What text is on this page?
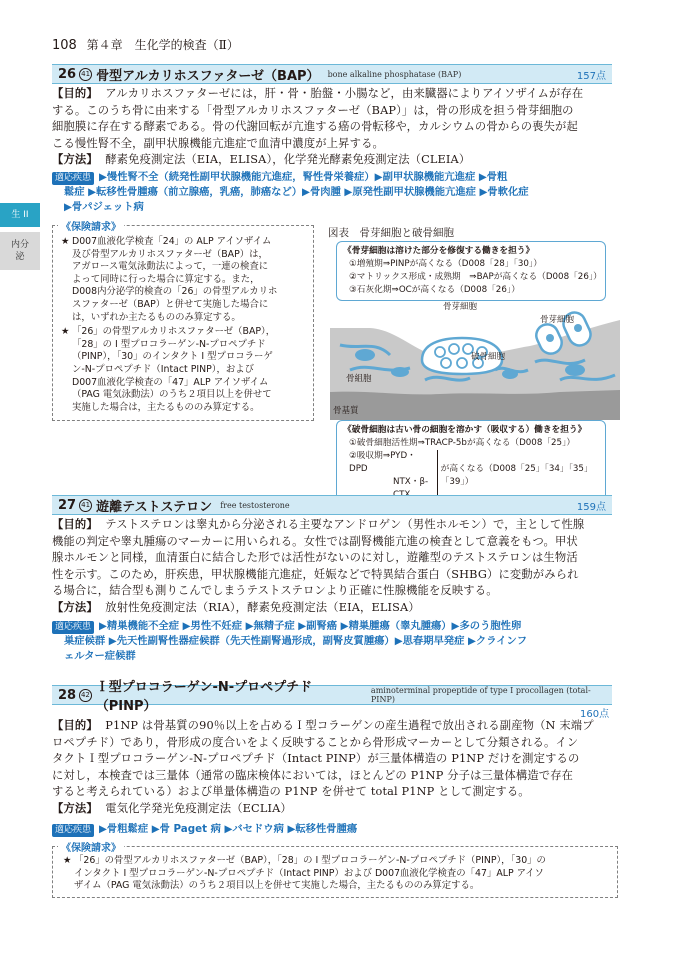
108 第４章　生化学的検査（Ⅱ）
生 II
内分
泌
26 41 骨型アルカリホスファターゼ（BAP） bone alkaline phosphatase (BAP)	157点
【目的】 アルカリホスファターゼには，肝・骨・胎盤・小腸など，由来臓器によりアイソザイムが存在
する。このうち骨に由来する「骨型アルカリホスファターゼ（BAP）」は，骨の形成を担う骨芽細胞の
細胞膜に存在する酵素である。骨の代謝回転が亢進する癌の骨転移や，カルシウムの骨からの喪失が起
こる慢性腎不全，副甲状腺機能亢進症で血清中濃度が上昇する。
【方法】 酵素免疫測定法（EIA，ELISA），化学発光酵素免疫測定法（CLEIA）
適応疾患 ▶慢性腎不全（続発性副甲状腺機能亢進症，腎性骨栄養症）▶副甲状腺機能亢進症 ▶骨粗
鬆症 ▶転移性骨腫瘍（前立腺癌，乳癌，肺癌など）▶骨肉腫 ▶原発性副甲状腺機能亢進症 ▶骨軟化症
▶骨パジェット病
★ D007血液化学検査「24」の ALP アイソザイム
及び骨型アルカリホスファターゼ（BAP）は，
アガロース電気泳動法によって，一連の検査に
よって同時に行った場合に算定する。また，
D008内分泌学的検査の「26」の骨型アルカリホ
スファターゼ（BAP）と併せて実施した場合に
は，いずれか主たるもののみ算定する。
★ 「26」の骨型アルカリホスファターゼ（BAP），
「28」の I 型プロコラーゲン-N-プロペプチド
（PINP），「30」のインタクト I 型プロコラーゲ
ン-N-プロペプチド（Intact PINP），および
D007血液化学検査の「47」ALP アイソザイム
（PAG 電気泳動法）のうち２項目以上を併せて
実施した場合は，主たるもののみ算定する。
《保険請求》	図表　骨芽細胞と破骨細胞
骨芽細胞
破骨細胞
骨芽細胞
骨組胞
骨基質
《骨芽細胞は溶けた部分を修復する働きを担う》
①増殖期⇒PINPが高くなる（D008「28」「30」）
②マトリックス形成・成熟期　⇒BAPが高くなる（D008「26」）
③石灰化期⇒OCが高くなる（D008「26」）
《破骨細胞は古い骨の細胞を溶かす（吸収する）働きを担う》
①破骨細胞活性期⇒TRACP-5bが高くなる（D008「25」）
②吸収期⇒PYD・DPD
NTX・β-
が高くなる（D008「25」「34」「35」「39」）
27 41 遊離テストステロン free testosterone	159点
【目的】 テストステロンは睾丸から分泌される主要なアンドロゲン（男性ホルモン）で，主として性腺
機能の判定や睾丸腫瘍のマーカーに用いられる。女性では副腎機能亢進の検査として意義をもつ。甲状
腺ホルモンと同様，血清蛋白に結合した形では活性がないのに対し，遊離型のテストステロンは生物活
性を示す。このため，肝疾患，甲状腺機能亢進症，妊娠などで特異結合蛋白（SHBG）に変動がみられ
る場合に，結合型も測りこんでしまうテストステロンより正確に性腺機能を反映する。
【方法】 放射性免疫測定法（RIA），酵素免疫測定法（EIA，ELISA）
適応疾患 ▶精巣機能不全症 ▶男性不妊症 ▶無精子症 ▶副腎癌 ▶精巣腫瘍（睾丸腫瘍）▶多のう胞性卵
巣症候群 ▶先天性副腎性器症候群（先天性副腎過形成，副腎皮質腫瘍）▶思春期早発症 ▶クラインフ
ェルター症候群
28 42 Ｉ型プロコラーゲン-N-プロペプチド（PINP）
aminoterminal propeptide of type I procollagen (total-PINP)
160点
【目的】 P1NP は骨基質の90％以上を占めるＩ型コラーゲンの産生過程で放出される副産物（N 末端プ
ロペプチド）であり，骨形成の度合いをよく反映することから骨形成マーカーとして分類される。イン
タクトＩ型プロコラーゲン-N-プロペプチド（Intact PINP）が三量体構造の P1NP だけを測定するの
に対し，本検査では三量体（通常の臨床検体においては，ほとんどの P1NP 分子は三量体構造で存在
すると考えられている）および単量体構造の P1NP を併せて total P1NP として測定する。
【方法】 電気化学発光免疫測定法（ECLIA）
適応疾患 ▶骨粗鬆症 ▶骨 Paget 病 ▶バセドウ病 ▶転移性骨腫瘍
★ 「26」の骨型アルカリホスファターゼ（BAP），「28」の I 型プロコラーゲン-N-プロペプチド（PINP），「30」の
インタクト I 型プロコラーゲン-N-プロペプチド（Intact PINP）および D007血液化学検査の「47」ALP アイソ
ザイム（PAG 電気泳動法）のうち２項目以上を併せて実施した場合，主たるもののみ算定する。
《保険請求》
